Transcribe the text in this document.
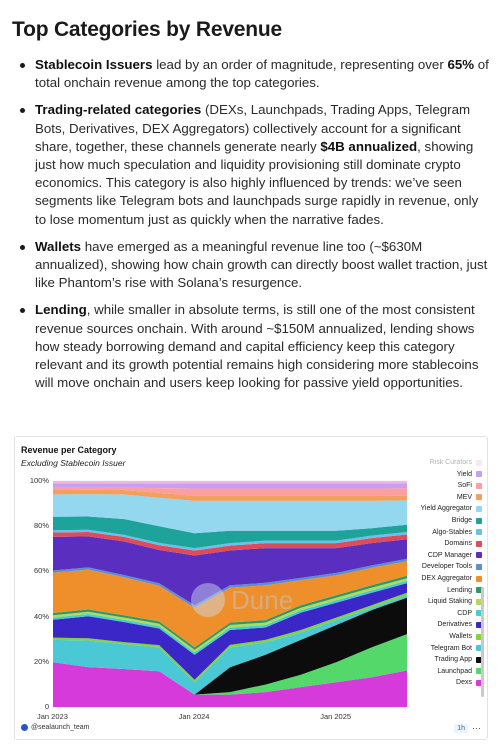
Top Categories by Revenue
Stablecoin Issuers lead by an order of magnitude, representing over 65% of total onchain revenue among the top categories.
Trading-related categories (DEXs, Launchpads, Trading Apps, Telegram Bots, Derivatives, DEX Aggregators) collectively account for a significant share, together, these channels generate nearly $4B annualized, showing just how much speculation and liquidity provisioning still dominate crypto economics. This category is also highly influenced by trends: we’ve seen segments like Telegram bots and launchpads surge rapidly in revenue, only to lose momentum just as quickly when the narrative fades.
Wallets have emerged as a meaningful revenue line too (~$630M annualized), showing how chain growth can directly boost wallet traction, just like Phantom’s rise with Solana’s resurgence.
Lending, while smaller in absolute terms, is still one of the most consistent revenue sources onchain. With around ~$150M annualized, lending shows how steady borrowing demand and capital efficiency keep this category relevant and its growth potential remains high considering more stablecoins will move onchain and users keep looking for passive yield opportunities.
Revenue per Category
Excluding Stablecoin Issuer
0
20%
40%
60%
80%
100%
Jan 2023	Jan 2024	Jan 2025
Dune
Risk Curators
Yield
SoFi
MEV
Yield Aggregator
Bridge
Algo-Stables
Domains
CDP Manager
Developer Tools
DEX Aggregator
Lending
Liquid Staking
CDP
Derivatives
Wallets
Telegram Bot
Trading App
Launchpad
Dexs
@sealaunch_team	1h ⋯
